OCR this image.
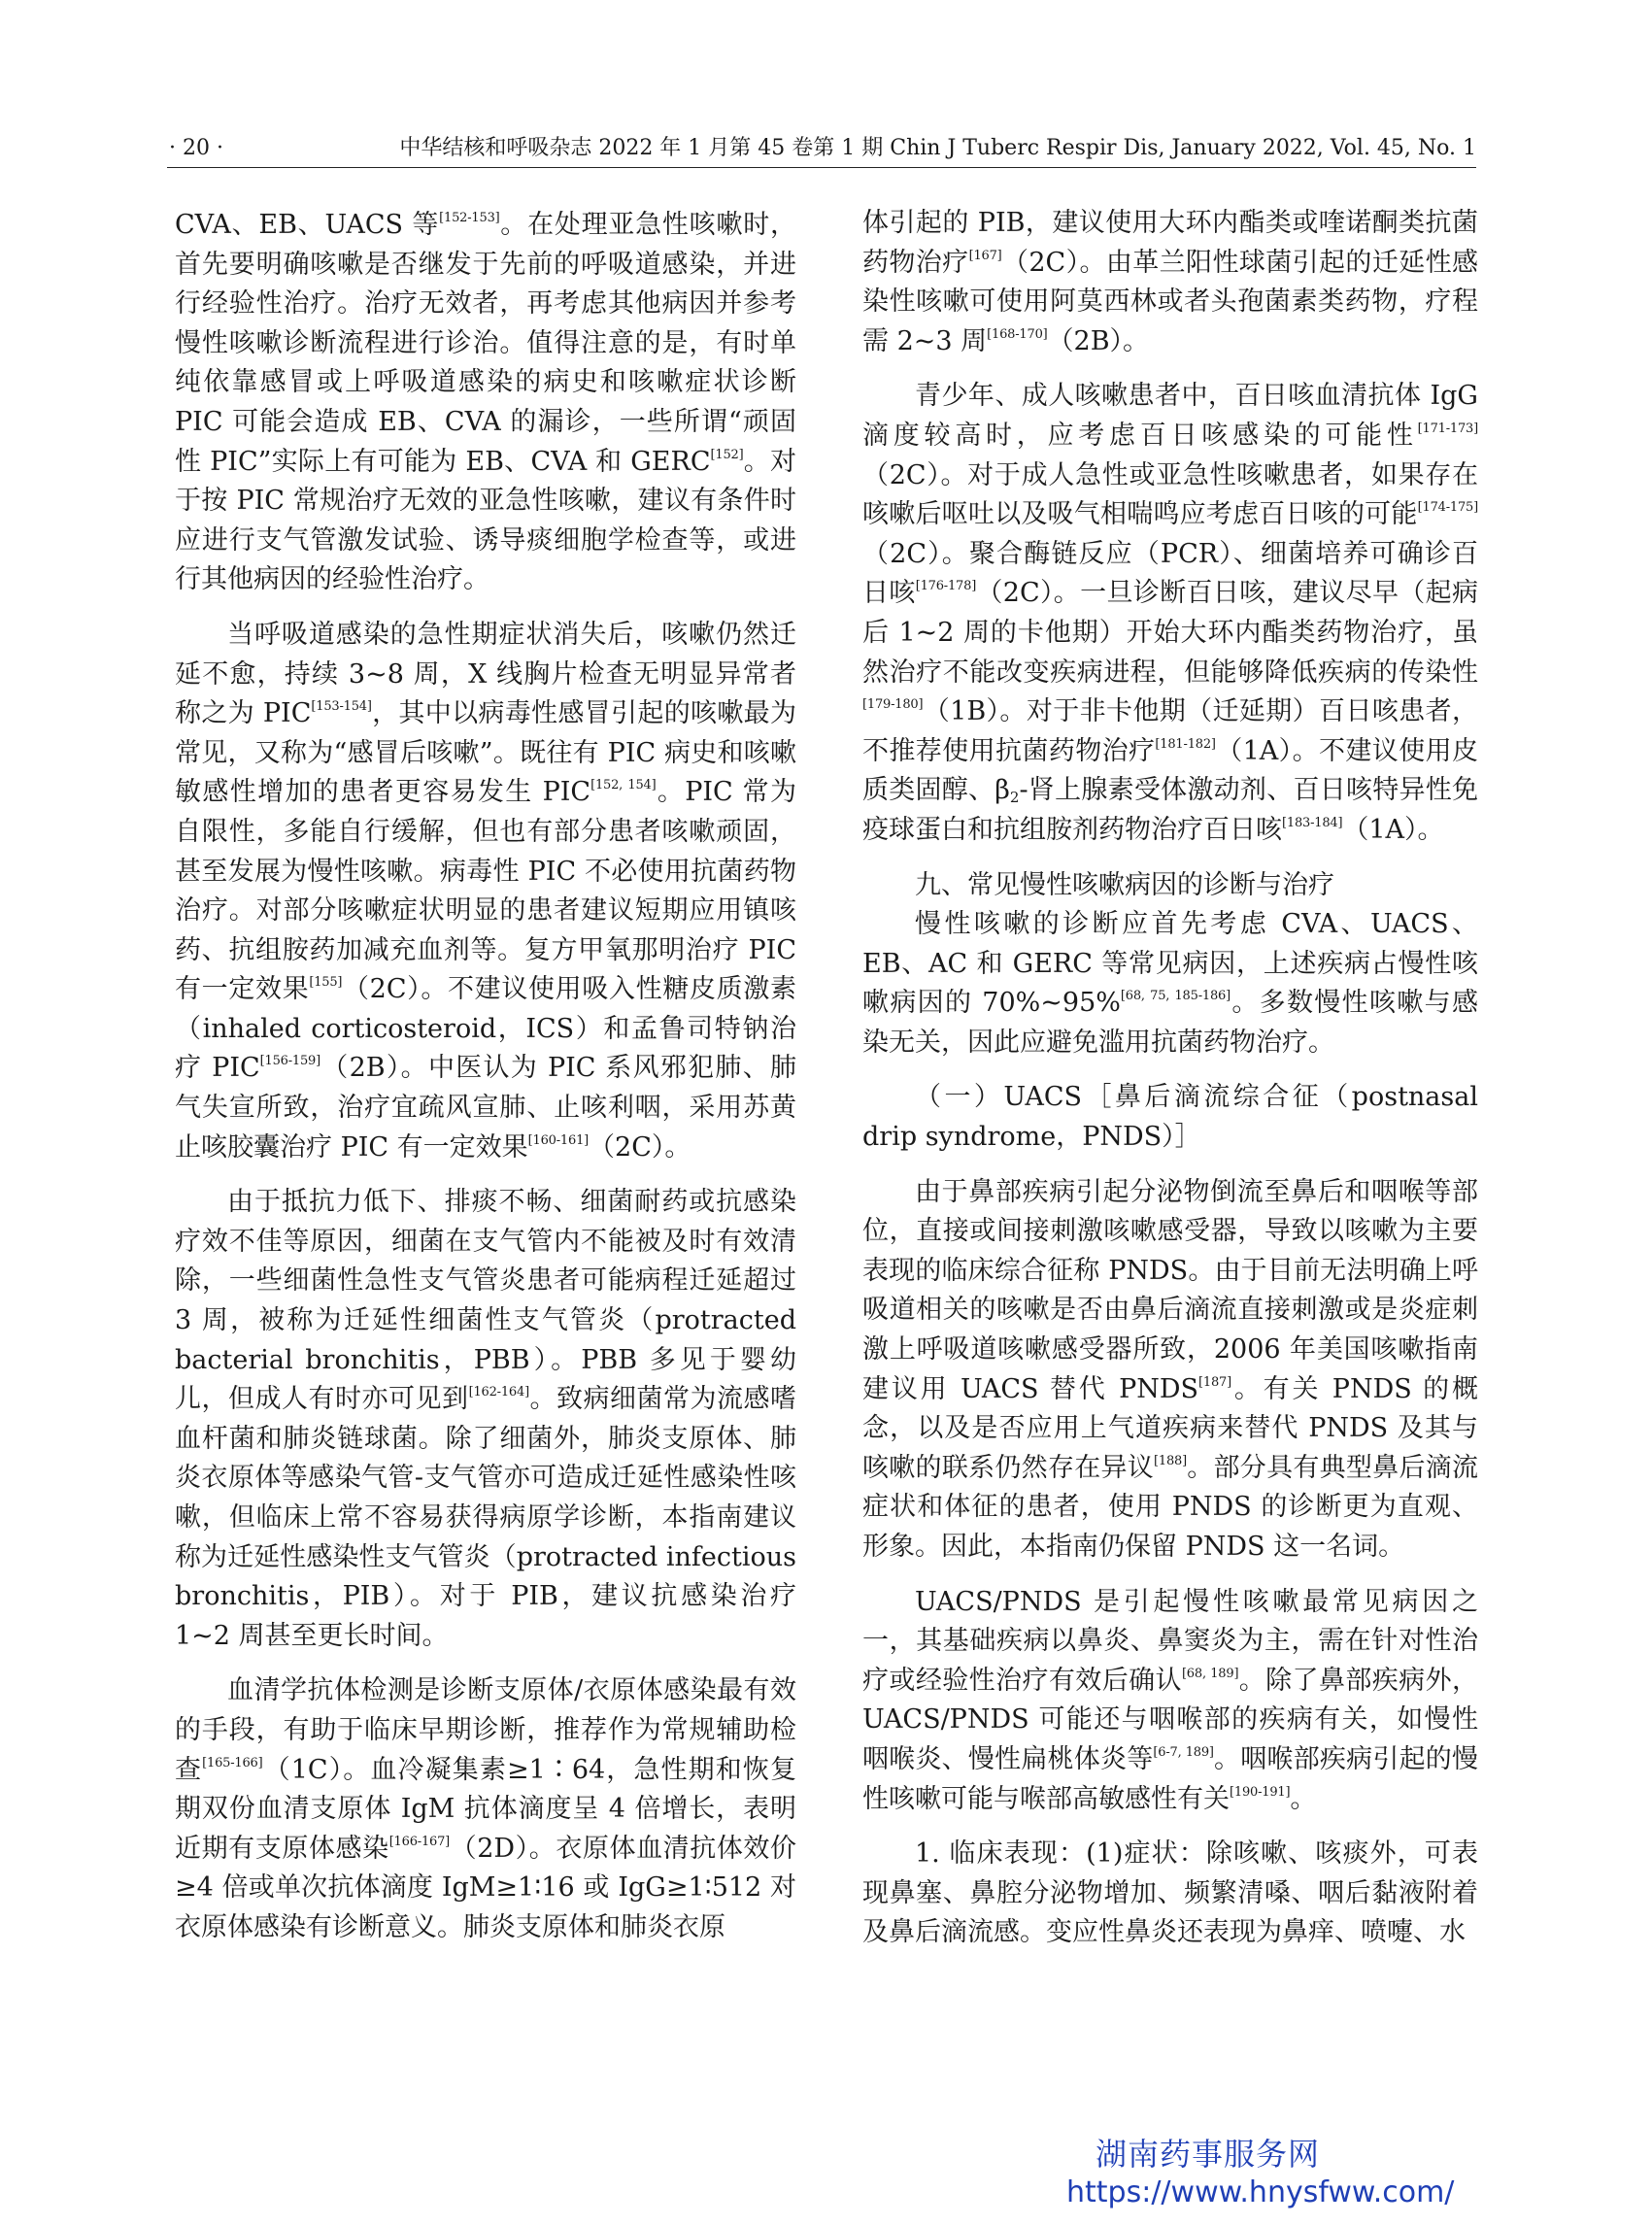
· 20 ·	中华结核和呼吸杂志 2022 年 1 月第 45 卷第 1 期 Chin J Tuberc Respir Dis, January 2022, Vol. 45, No. 1

CVA、EB、UACS 等[152-153]。在处理亚急性咳嗽时，首先要明确咳嗽是否继发于先前的呼吸道感染，并进行经验性治疗。治疗无效者，再考虑其他病因并参考慢性咳嗽诊断流程进行诊治。值得注意的是，有时单纯依靠感冒或上呼吸道感染的病史和咳嗽症状诊断 PIC 可能会造成 EB、CVA 的漏诊，一些所谓“顽固性 PIC”实际上有可能为 EB、CVA 和 GERC[152]。对于按 PIC 常规治疗无效的亚急性咳嗽，建议有条件时应进行支气管激发试验、诱导痰细胞学检查等，或进行其他病因的经验性治疗。

当呼吸道感染的急性期症状消失后，咳嗽仍然迁延不愈，持续 3~8 周，X 线胸片检查无明显异常者称之为 PIC[153-154]，其中以病毒性感冒引起的咳嗽最为常见，又称为“感冒后咳嗽”。既往有 PIC 病史和咳嗽敏感性增加的患者更容易发生 PIC[152, 154]。PIC 常为自限性，多能自行缓解，但也有部分患者咳嗽顽固，甚至发展为慢性咳嗽。病毒性 PIC 不必使用抗菌药物治疗。对部分咳嗽症状明显的患者建议短期应用镇咳药、抗组胺药加减充血剂等。复方甲氧那明治疗 PIC 有一定效果[155]（2C）。不建议使用吸入性糖皮质激素（inhaled corticosteroid，ICS）和孟鲁司特钠治疗 PIC[156-159]（2B）。中医认为 PIC 系风邪犯肺、肺气失宣所致，治疗宜疏风宣肺、止咳利咽，采用苏黄止咳胶囊治疗 PIC 有一定效果[160-161]（2C）。

由于抵抗力低下、排痰不畅、细菌耐药或抗感染疗效不佳等原因，细菌在支气管内不能被及时有效清除，一些细菌性急性支气管炎患者可能病程迁延超过 3 周，被称为迁延性细菌性支气管炎（protracted bacterial bronchitis，PBB）。PBB 多见于婴幼儿，但成人有时亦可见到[162-164]。致病细菌常为流感嗜血杆菌和肺炎链球菌。除了细菌外，肺炎支原体、肺炎衣原体等感染气管-支气管亦可造成迁延性感染性咳嗽，但临床上常不容易获得病原学诊断，本指南建议称为迁延性感染性支气管炎（protracted infectious bronchitis，PIB）。对于 PIB，建议抗感染治疗 1~2 周甚至更长时间。

血清学抗体检测是诊断支原体/衣原体感染最有效的手段，有助于临床早期诊断，推荐作为常规辅助检查[165-166]（1C）。血冷凝集素≥1∶64，急性期和恢复期双份血清支原体 IgM 抗体滴度呈 4 倍增长，表明近期有支原体感染[166-167]（2D）。衣原体血清抗体效价≥4 倍或单次抗体滴度 IgM≥1∶16 或 IgG≥1∶512 对衣原体感染有诊断意义。肺炎支原体和肺炎衣原

体引起的 PIB，建议使用大环内酯类或喹诺酮类抗菌药物治疗[167]（2C）。由革兰阳性球菌引起的迁延性感染性咳嗽可使用阿莫西林或者头孢菌素类药物，疗程需 2~3 周[168-170]（2B）。

青少年、成人咳嗽患者中，百日咳血清抗体 IgG 滴度较高时，应考虑百日咳感染的可能性[171-173]（2C）。对于成人急性或亚急性咳嗽患者，如果存在咳嗽后呕吐以及吸气相喘鸣应考虑百日咳的可能[174-175]（2C）。聚合酶链反应（PCR）、细菌培养可确诊百日咳[176-178]（2C）。一旦诊断百日咳，建议尽早（起病后 1~2 周的卡他期）开始大环内酯类药物治疗，虽然治疗不能改变疾病进程，但能够降低疾病的传染性[179-180]（1B）。对于非卡他期（迁延期）百日咳患者，不推荐使用抗菌药物治疗[181-182]（1A）。不建议使用皮质类固醇、$\beta_2-$肾上腺素受体激动剂、百日咳特异性免疫球蛋白和抗组胺剂药物治疗百日咳[183-184]（1A）。

九、常见慢性咳嗽病因的诊断与治疗

慢性咳嗽的诊断应首先考虑 CVA、UACS、EB、AC 和 GERC 等常见病因，上述疾病占慢性咳嗽病因的 70%~95%[68, 75, 185-186]。多数慢性咳嗽与感染无关，因此应避免滥用抗菌药物治疗。

（一）UACS［鼻后滴流综合征（postnasal drip syndrome，PNDS）］

由于鼻部疾病引起分泌物倒流至鼻后和咽喉等部位，直接或间接刺激咳嗽感受器，导致以咳嗽为主要表现的临床综合征称 PNDS。由于目前无法明确上呼吸道相关的咳嗽是否由鼻后滴流直接刺激或是炎症刺激上呼吸道咳嗽感受器所致，2006 年美国咳嗽指南建议用 UACS 替代 PNDS[187]。有关 PNDS 的概念，以及是否应用上气道疾病来替代 PNDS 及其与咳嗽的联系仍然存在异议[188]。部分具有典型鼻后滴流症状和体征的患者，使用 PNDS 的诊断更为直观、形象。因此，本指南仍保留 PNDS 这一名词。

UACS/PNDS 是引起慢性咳嗽最常见病因之一，其基础疾病以鼻炎、鼻窦炎为主，需在针对性治疗或经验性治疗有效后确认[68, 189]。除了鼻部疾病外，UACS/PNDS 可能还与咽喉部的疾病有关，如慢性咽喉炎、慢性扁桃体炎等[6-7, 189]。咽喉部疾病引起的慢性咳嗽可能与喉部高敏感性有关[190-191]。

1. 临床表现：(1)症状：除咳嗽、咳痰外，可表现鼻塞、鼻腔分泌物增加、频繁清嗓、咽后黏液附着及鼻后滴流感。变应性鼻炎还表现为鼻痒、喷嚏、水

湖南药事服务网
https://www.hnysfww.com/
